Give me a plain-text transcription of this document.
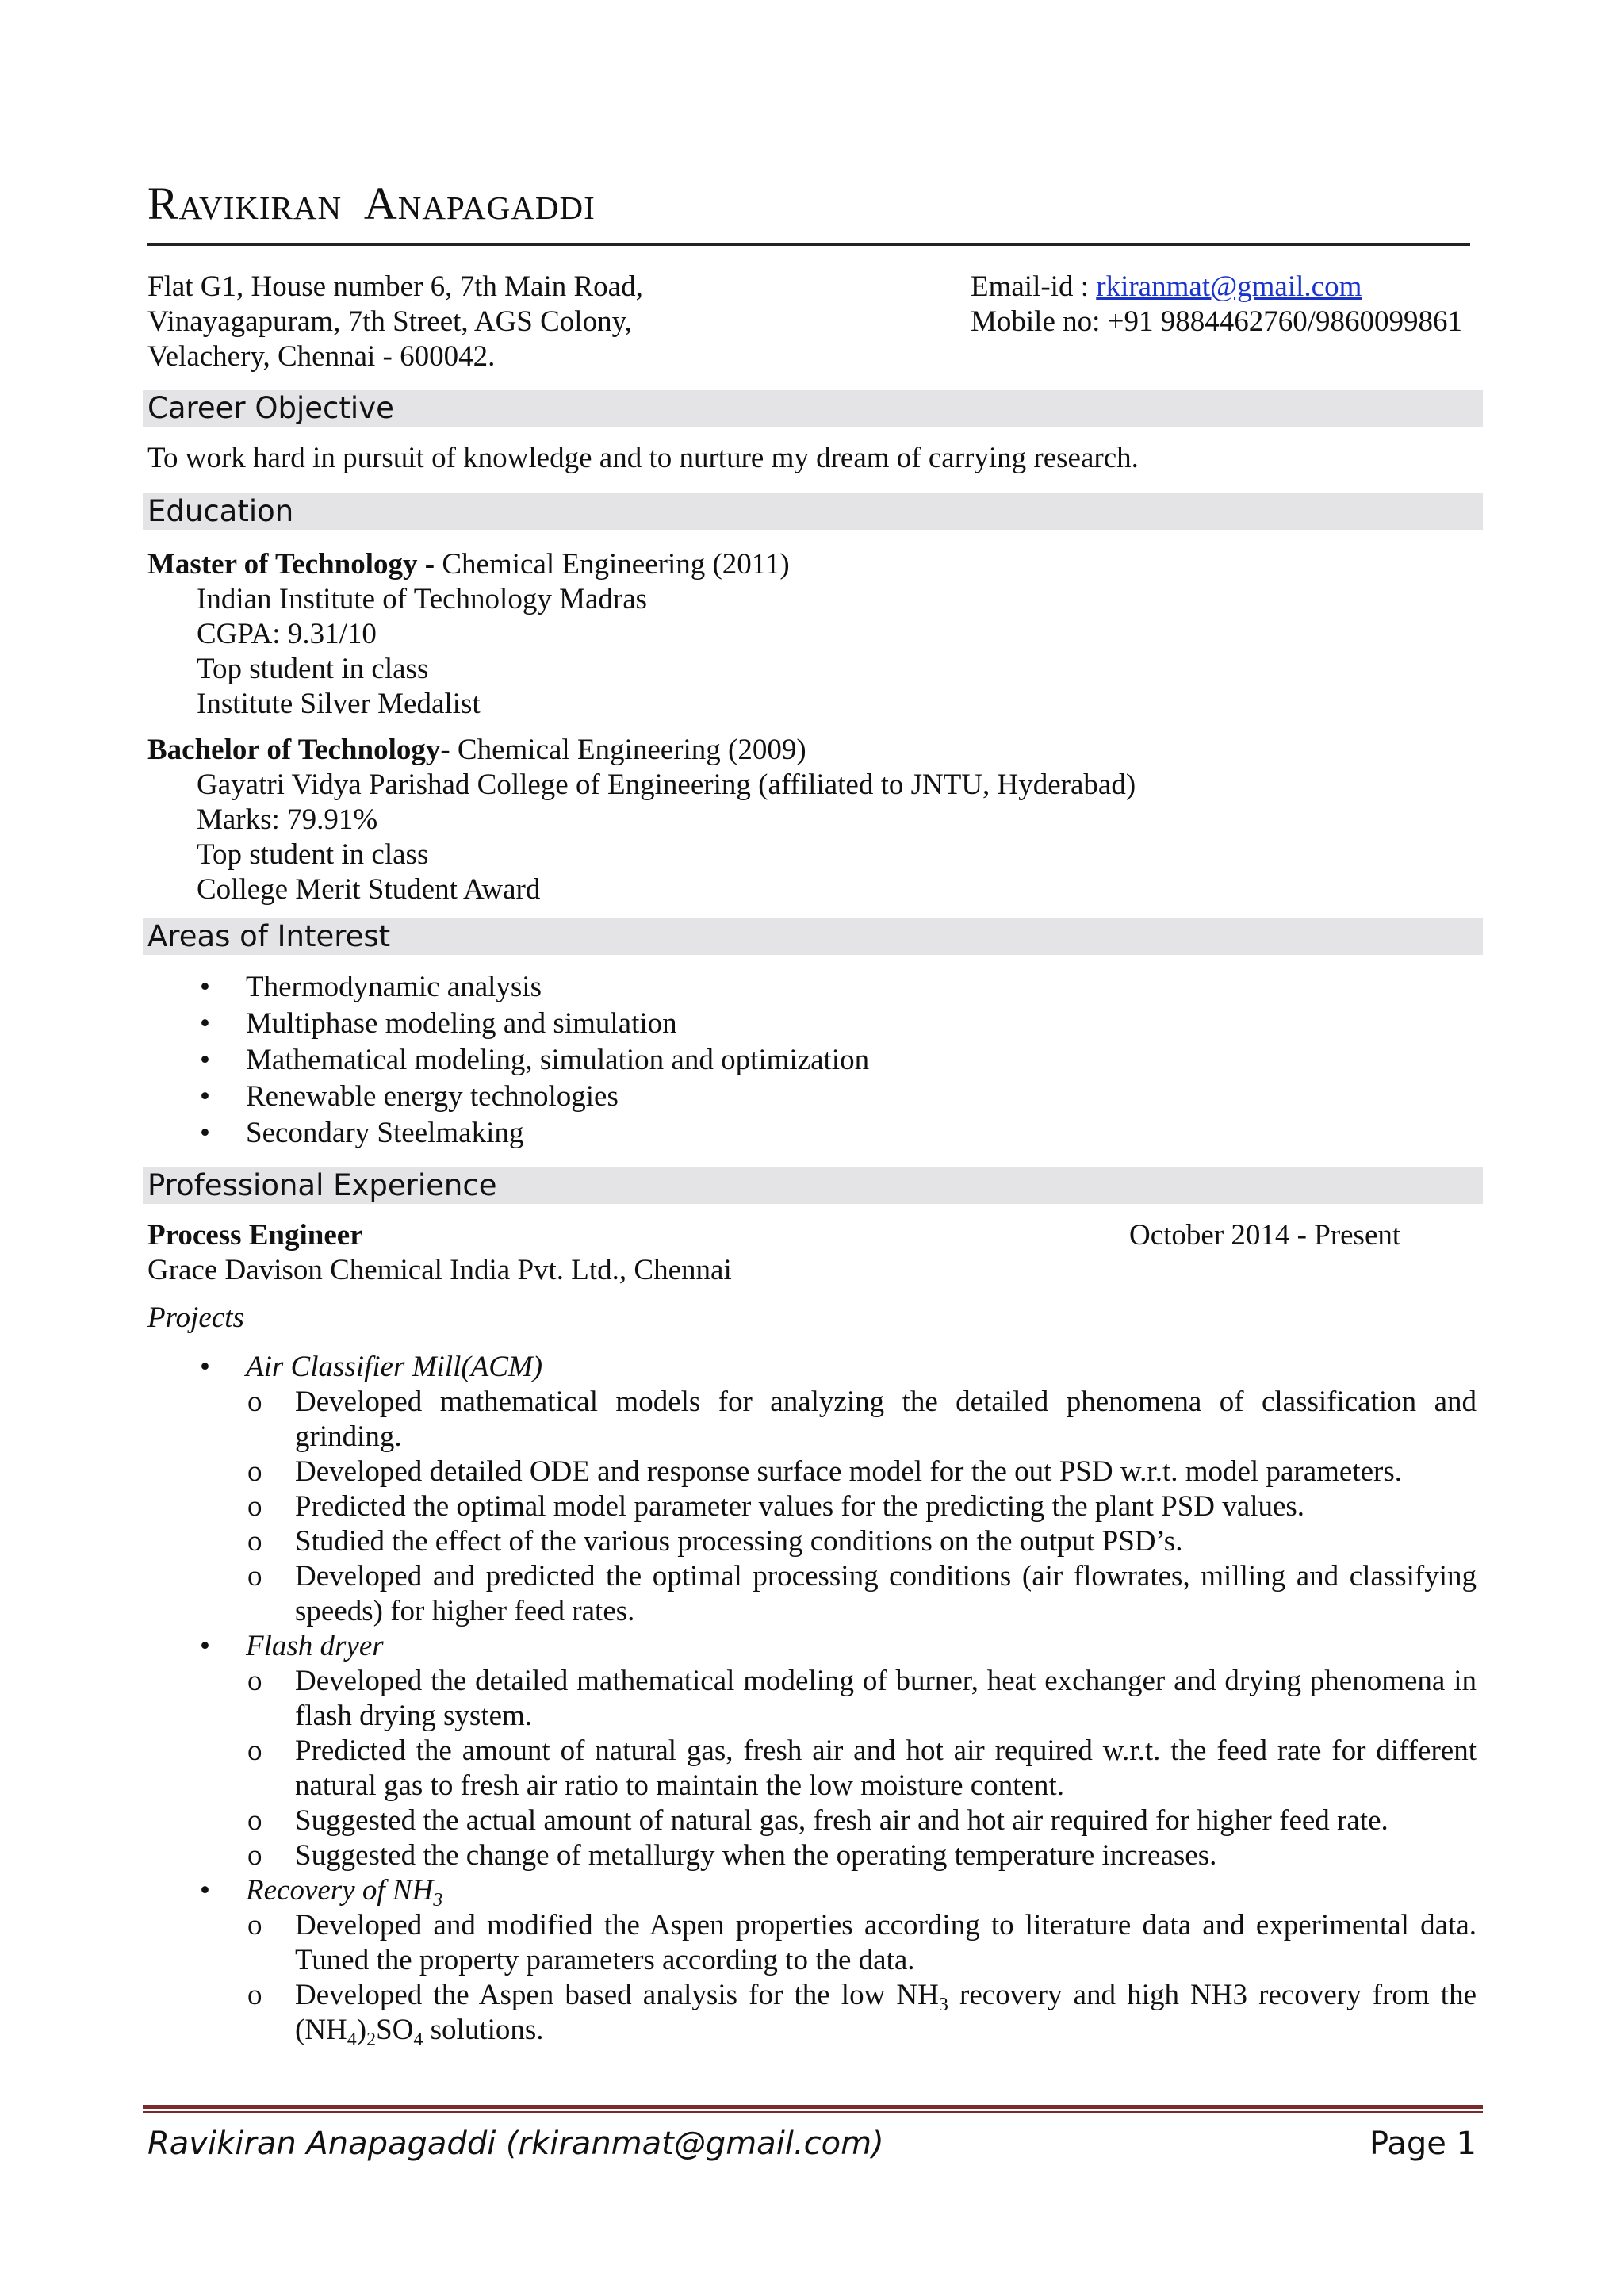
Ravikiran  Anapagaddi
Flat G1, House number 6, 7th Main Road,
Vinayagapuram, 7th Street, AGS Colony,
Velachery, Chennai - 600042.
Email-id : rkiranmat@gmail.com
Mobile no: +91 9884462760/9860099861
Career Objective
To work hard in pursuit of knowledge and to nurture my dream of carrying research.
Education
Master of Technology - Chemical Engineering (2011)
Indian Institute of Technology Madras
CGPA: 9.31/10
Top student in class
Institute Silver Medalist
Bachelor of Technology- Chemical Engineering (2009)
Gayatri Vidya Parishad College of Engineering (affiliated to JNTU, Hyderabad)
Marks: 79.91%
Top student in class
College Merit Student Award
Areas of Interest
• Thermodynamic analysis
• Multiphase modeling and simulation
• Mathematical modeling, simulation and optimization
• Renewable energy technologies
• Secondary Steelmaking
Professional Experience
Process Engineer	October 2014 - Present
Grace Davison Chemical India Pvt. Ltd., Chennai
Projects
• Air Classifier Mill(ACM)
o Developed mathematical models for analyzing the detailed phenomena of classification and grinding.
o Developed detailed ODE and response surface model for the out PSD w.r.t. model parameters.
o Predicted the optimal model parameter values for the predicting the plant PSD values.
o Studied the effect of the various processing conditions on the output PSD’s.
o Developed and predicted the optimal processing conditions (air flowrates, milling and classifying speeds) for higher feed rates.
• Flash dryer
o Developed the detailed mathematical modeling of burner, heat exchanger and drying phenomena in flash drying system.
o Predicted the amount of natural gas, fresh air and hot air required w.r.t. the feed rate for different natural gas to fresh air ratio to maintain the low moisture content.
o Suggested the actual amount of natural gas, fresh air and hot air required for higher feed rate.
o Suggested the change of metallurgy when the operating temperature increases.
• Recovery of $NH_3$
o Developed and modified the Aspen properties according to literature data and experimental data. Tuned the property parameters according to the data.
o Developed the Aspen based analysis for the low $NH_3$ recovery and high NH3 recovery from the $(NH_4)_2SO_4$ solutions.
Ravikiran Anapagaddi (rkiranmat@gmail.com)	Page 1
